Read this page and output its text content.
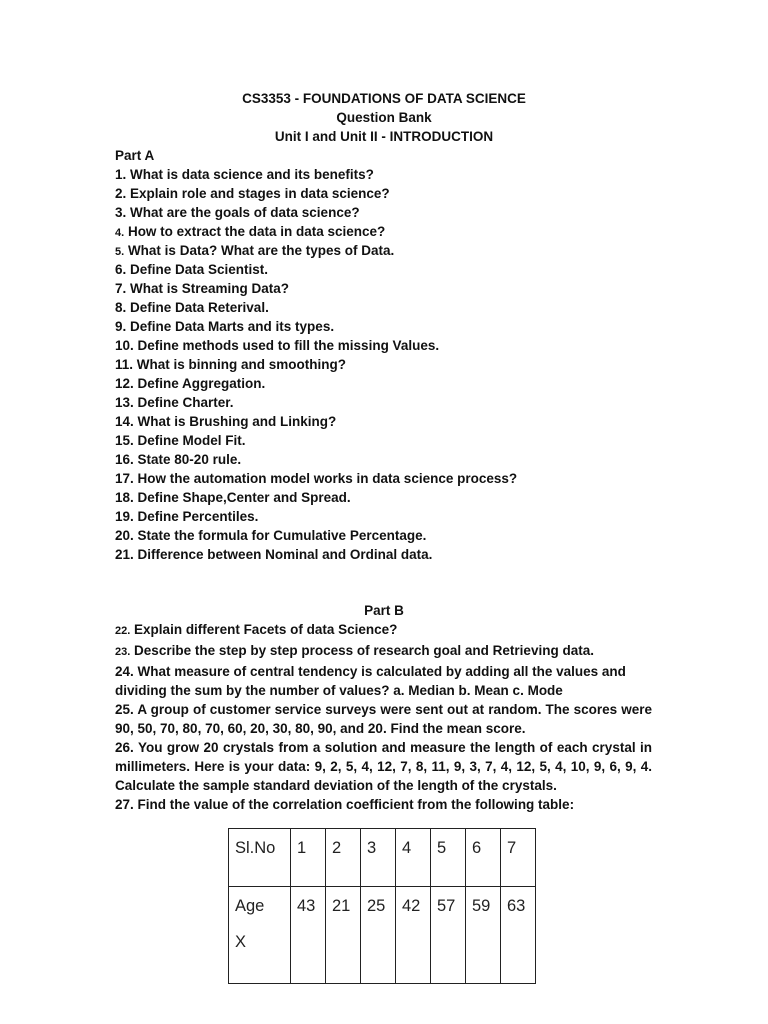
CS3353 - FOUNDATIONS OF DATA SCIENCE
Question Bank
Unit I and Unit II - INTRODUCTION
Part A
1. What is data science and its benefits?
2. Explain role and stages in data science?
3. What are the goals of data science?
4. How to extract the data in data science?
5. What is Data? What are the types of Data.
6. Define Data Scientist.
7. What is Streaming Data?
8. Define Data Reterival.
9. Define Data Marts and its types.
10. Define methods used to fill the missing Values.
11. What is binning and smoothing?
12. Define Aggregation.
13. Define Charter.
14. What is Brushing and Linking?
15. Define Model Fit.
16. State 80-20 rule.
17. How the automation model works in data science process?
18. Define Shape,Center and Spread.
19. Define Percentiles.
20. State the formula for Cumulative Percentage.
21. Difference between Nominal and Ordinal data.
Part B
22. Explain different Facets of data Science?
23. Describe the step by step process of research goal and Retrieving data.
24. What measure of central tendency is calculated by adding all the values and dividing the sum by the number of values? a. Median b. Mean c. Mode
25. A group of customer service surveys were sent out at random. The scores were 90, 50, 70, 80, 70, 60, 20, 30, 80, 90, and 20. Find the mean score.
26. You grow 20 crystals from a solution and measure the length of each crystal in millimeters. Here is your data: 9, 2, 5, 4, 12, 7, 8, 11, 9, 3, 7, 4, 12, 5, 4, 10, 9, 6, 9, 4. Calculate the sample standard deviation of the length of the crystals.
27. Find the value of the correlation coefficient from the following table:
Sl.No	1	2	3	4	5	6	7
Age
X	43	21	25	42	57	59	63
